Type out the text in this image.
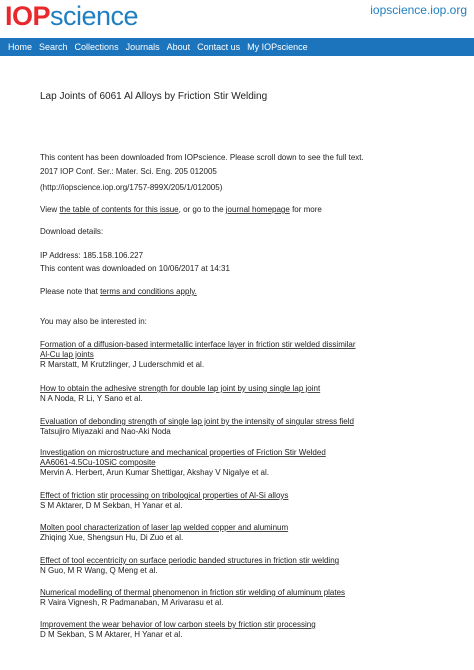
IOPscience	iopscience.iop.org
Home Search Collections Journals About Contact us My IOPscience
Lap Joints of 6061 Al Alloys by Friction Stir Welding
This content has been downloaded from IOPscience. Please scroll down to see the full text.
2017 IOP Conf. Ser.: Mater. Sci. Eng. 205 012005
(http://iopscience.iop.org/1757-899X/205/1/012005)
View the table of contents for this issue, or go to the journal homepage for more
Download details:
IP Address: 185.158.106.227
This content was downloaded on 10/06/2017 at 14:31
Please note that terms and conditions apply.
You may also be interested in:
Formation of a diffusion-based intermetallic interface layer in friction stir welded dissimilar Al-Cu lap joints
R Marstatt, M Krutzlinger, J Luderschmid et al.
How to obtain the adhesive strength for double lap joint by using single lap joint
N A Noda, R Li, Y Sano et al.
Evaluation of debonding strength of single lap joint by the intensity of singular stress field
Tatsujiro Miyazaki and Nao-Aki Noda
Investigation on microstructure and mechanical properties of Friction Stir Welded AA6061-4.5Cu-10SiC composite
Mervin A. Herbert, Arun Kumar Shettigar, Akshay V Nigalye et al.
Effect of friction stir processing on tribological properties of Al-Si alloys
S M Aktarer, D M Sekban, H Yanar et al.
Molten pool characterization of laser lap welded copper and aluminum
Zhiqing Xue, Shengsun Hu, Di Zuo et al.
Effect of tool eccentricity on surface periodic banded structures in friction stir welding
N Guo, M R Wang, Q Meng et al.
Numerical modelling of thermal phenomenon in friction stir welding of aluminum plates
R Vaira Vignesh, R Padmanaban, M Arivarasu et al.
Improvement the wear behavior of low carbon steels by friction stir processing
D M Sekban, S M Aktarer, H Yanar et al.
